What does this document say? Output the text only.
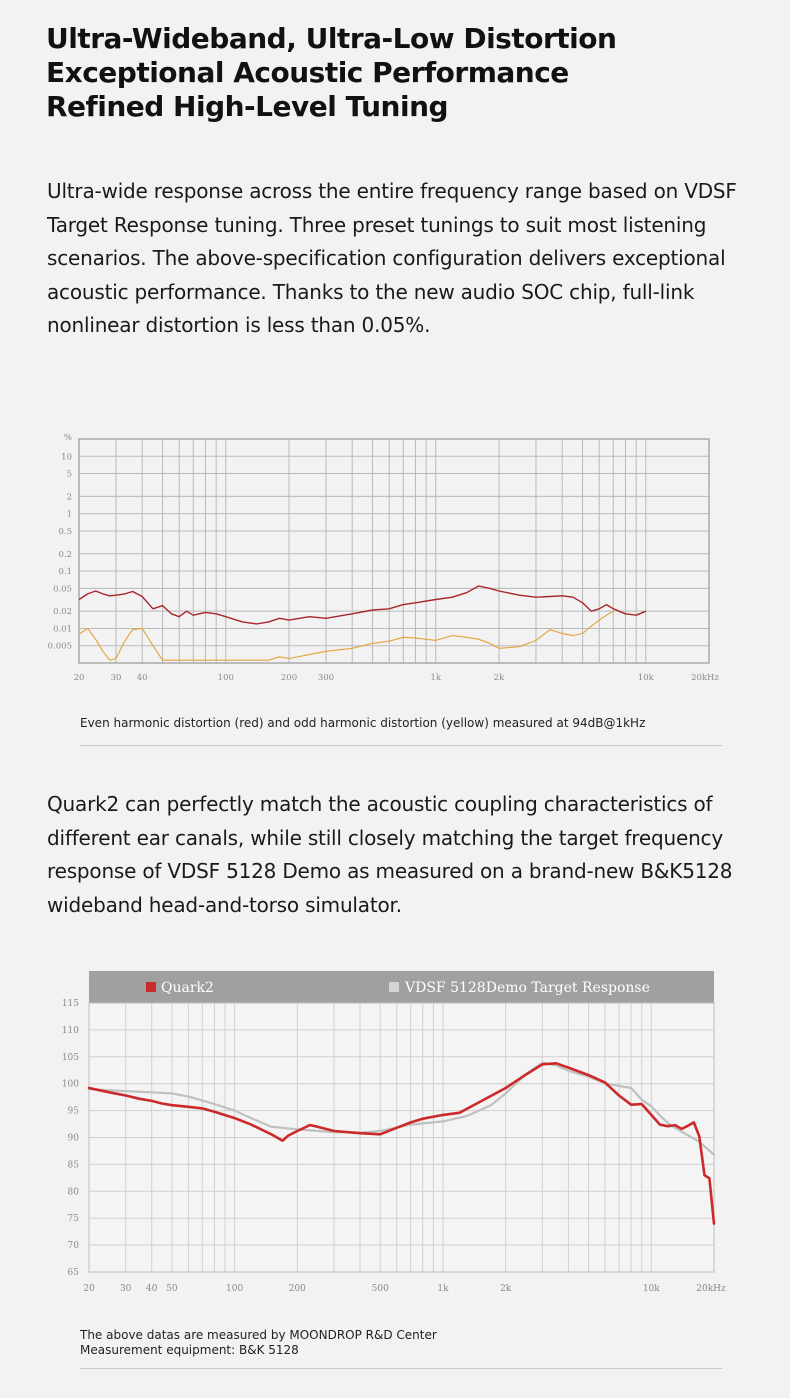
Ultra-Wideband, Ultra-Low Distortion
Exceptional Acoustic Performance
Refined High-Level Tuning
Ultra-wide response across the entire frequency range based on VDSF Target Response tuning. Three preset tunings to suit most listening scenarios. The above-specification configuration delivers exceptional acoustic performance. Thanks to the new audio SOC chip, full-link nonlinear distortion is less than 0.05%.
10
5
2
1
0.5
0.2
0.1
0.05
0.02
0.01
0.005
%
20	30 40	100	200 300	1k	2k	10k	20kHz
Even harmonic distortion (red) and odd harmonic distortion (yellow) measured at 94dB@1kHz
Quark2 can perfectly match the acoustic coupling characteristics of different ear canals, while still closely matching the target frequency response of VDSF 5128 Demo as measured on a brand-new B&K5128 wideband head-and-torso simulator.
Quark2	VDSF 5128Demo Target Response
115
110
105
100
95
90
85
80
75
70
65
20	30 40 50	100	200	500	1k	2k	10k	20kHz
The above datas are measured by MOONDROP R&D Center
Measurement equipment: B&K 5128
